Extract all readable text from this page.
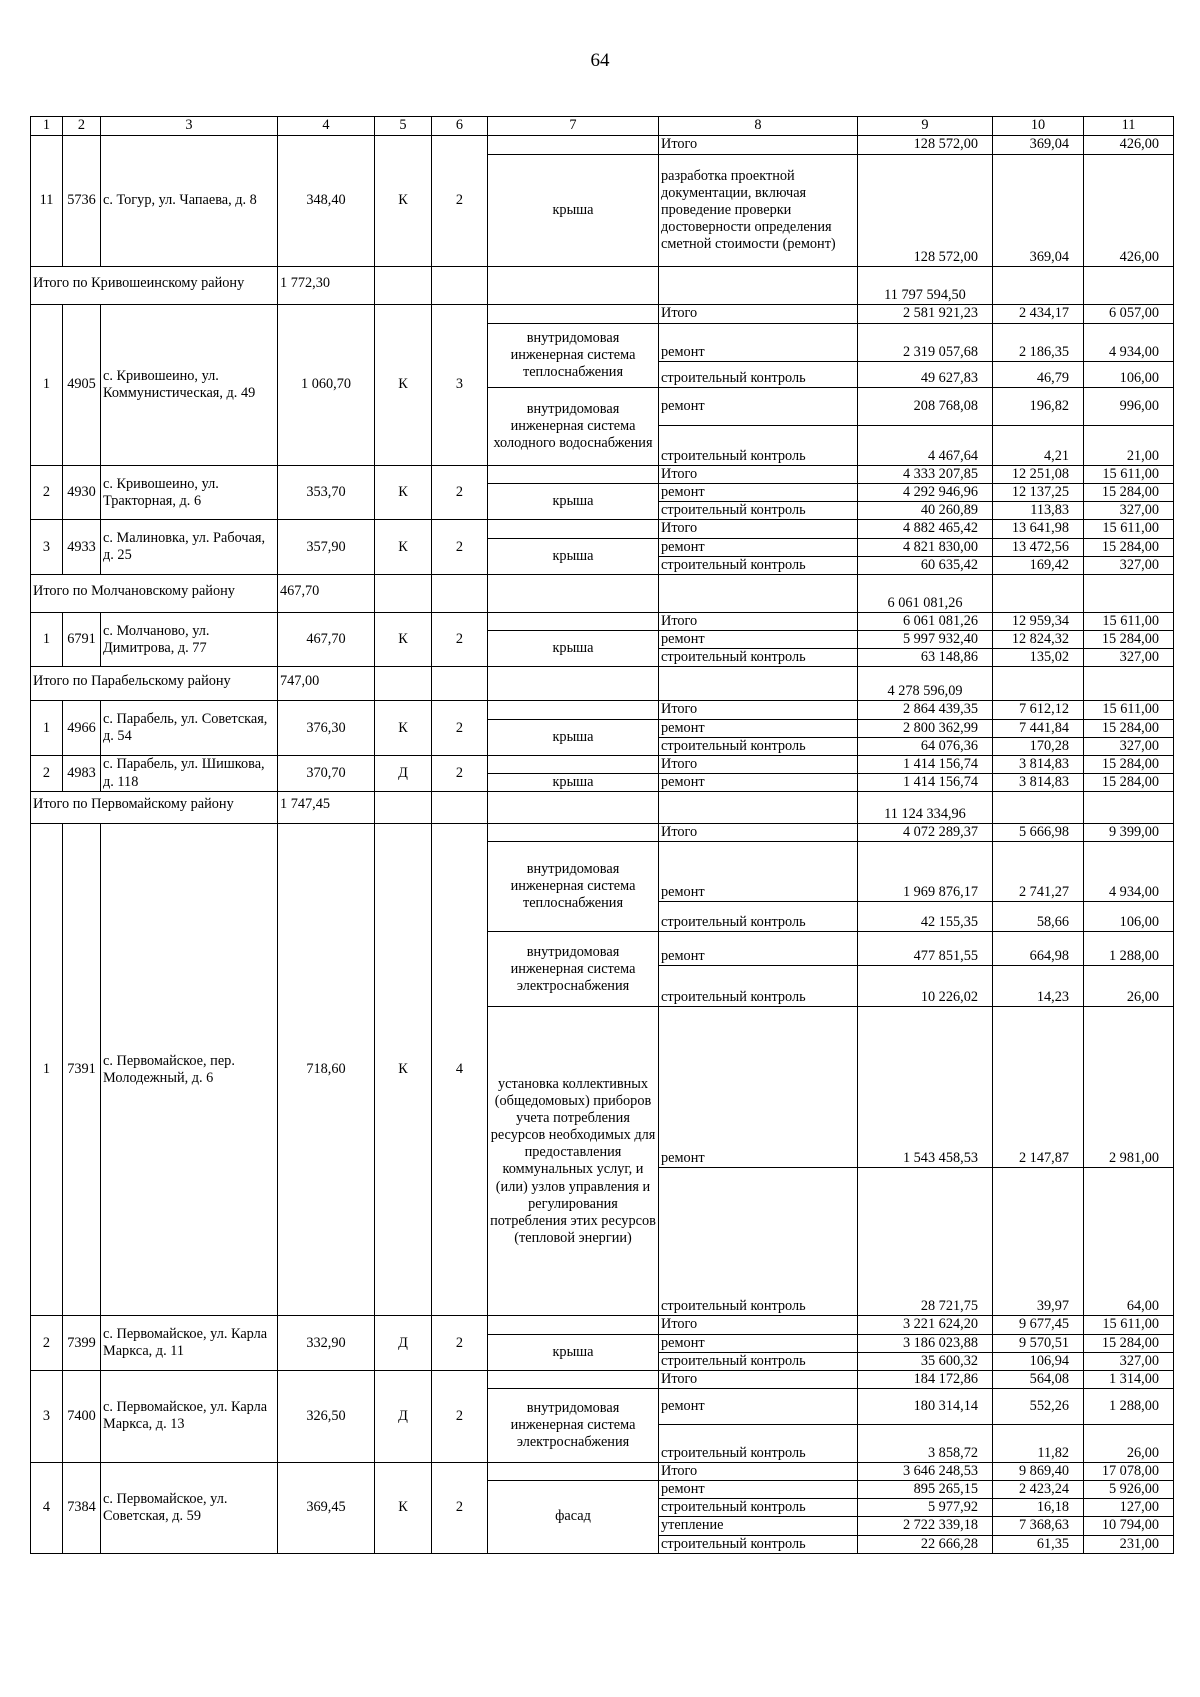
64
1	2	3	4	5	6	7	8	9	10	11
11	5736	с. Тогур, ул. Чапаева, д. 8	348,40	К	2		Итого	128 572,00	369,04	426,00
						крыша	разработка проектной документации, включая проведение проверки достоверности определения сметной стоимости (ремонт)	128 572,00	369,04	426,00
Итого по Кривошеинскому району			1 772,30					11 797 594,50		
1	4905	с. Кривошеино, ул. Коммунистическая, д. 49	1 060,70	К	3		Итого	2 581 921,23	2 434,17	6 057,00
						внутридомовая инженерная система теплоснабжения	ремонт	2 319 057,68	2 186,35	4 934,00
							строительный контроль	49 627,83	46,79	106,00
						внутридомовая инженерная система холодного водоснабжения	ремонт	208 768,08	196,82	996,00
							строительный контроль	4 467,64	4,21	21,00
2	4930	с. Кривошеино, ул. Тракторная, д. 6	353,70	К	2		Итого	4 333 207,85	12 251,08	15 611,00
						крыша	ремонт	4 292 946,96	12 137,25	15 284,00
							строительный контроль	40 260,89	113,83	327,00
3	4933	с. Малиновка, ул. Рабочая, д. 25	357,90	К	2		Итого	4 882 465,42	13 641,98	15 611,00
						крыша	ремонт	4 821 830,00	13 472,56	15 284,00
							строительный контроль	60 635,42	169,42	327,00
Итого по Молчановскому району			467,70					6 061 081,26		
1	6791	с. Молчаново, ул. Димитрова, д. 77	467,70	К	2		Итого	6 061 081,26	12 959,34	15 611,00
						крыша	ремонт	5 997 932,40	12 824,32	15 284,00
							строительный контроль	63 148,86	135,02	327,00
Итого по Парабельскому району			747,00					4 278 596,09		
1	4966	с. Парабель, ул. Советская, д. 54	376,30	К	2		Итого	2 864 439,35	7 612,12	15 611,00
						крыша	ремонт	2 800 362,99	7 441,84	15 284,00
							строительный контроль	64 076,36	170,28	327,00
2	4983	с. Парабель, ул. Шишкова, д. 118	370,70	Д	2		Итого	1 414 156,74	3 814,83	15 284,00
						крыша	ремонт	1 414 156,74	3 814,83	15 284,00
Итого по Первомайскому району			1 747,45					11 124 334,96		
1	7391	с. Первомайское, пер. Молодежный, д. 6	718,60	К	4		Итого	4 072 289,37	5 666,98	9 399,00
						внутридомовая инженерная система теплоснабжения	ремонт	1 969 876,17	2 741,27	4 934,00
							строительный контроль	42 155,35	58,66	106,00
						внутридомовая инженерная система электроснабжения	ремонт	477 851,55	664,98	1 288,00
							строительный контроль	10 226,02	14,23	26,00
						установка коллективных (общедомовых) приборов учета потребления ресурсов необходимых для предоставления коммунальных услуг, и (или) узлов управления и регулирования потребления этих ресурсов (тепловой энергии)	ремонт	1 543 458,53	2 147,87	2 981,00
							строительный контроль	28 721,75	39,97	64,00
2	7399	с. Первомайское, ул. Карла Маркса, д. 11	332,90	Д	2		Итого	3 221 624,20	9 677,45	15 611,00
						крыша	ремонт	3 186 023,88	9 570,51	15 284,00
							строительный контроль	35 600,32	106,94	327,00
3	7400	с. Первомайское, ул. Карла Маркса, д. 13	326,50	Д	2		Итого	184 172,86	564,08	1 314,00
						внутридомовая инженерная система электроснабжения	ремонт	180 314,14	552,26	1 288,00
							строительный контроль	3 858,72	11,82	26,00
4	7384	с. Первомайское, ул. Советская, д. 59	369,45	К	2		Итого	3 646 248,53	9 869,40	17 078,00
						фасад	ремонт	895 265,15	2 423,24	5 926,00
							строительный контроль	5 977,92	16,18	127,00
							утепление	2 722 339,18	7 368,63	10 794,00
							строительный контроль	22 666,28	61,35	231,00
